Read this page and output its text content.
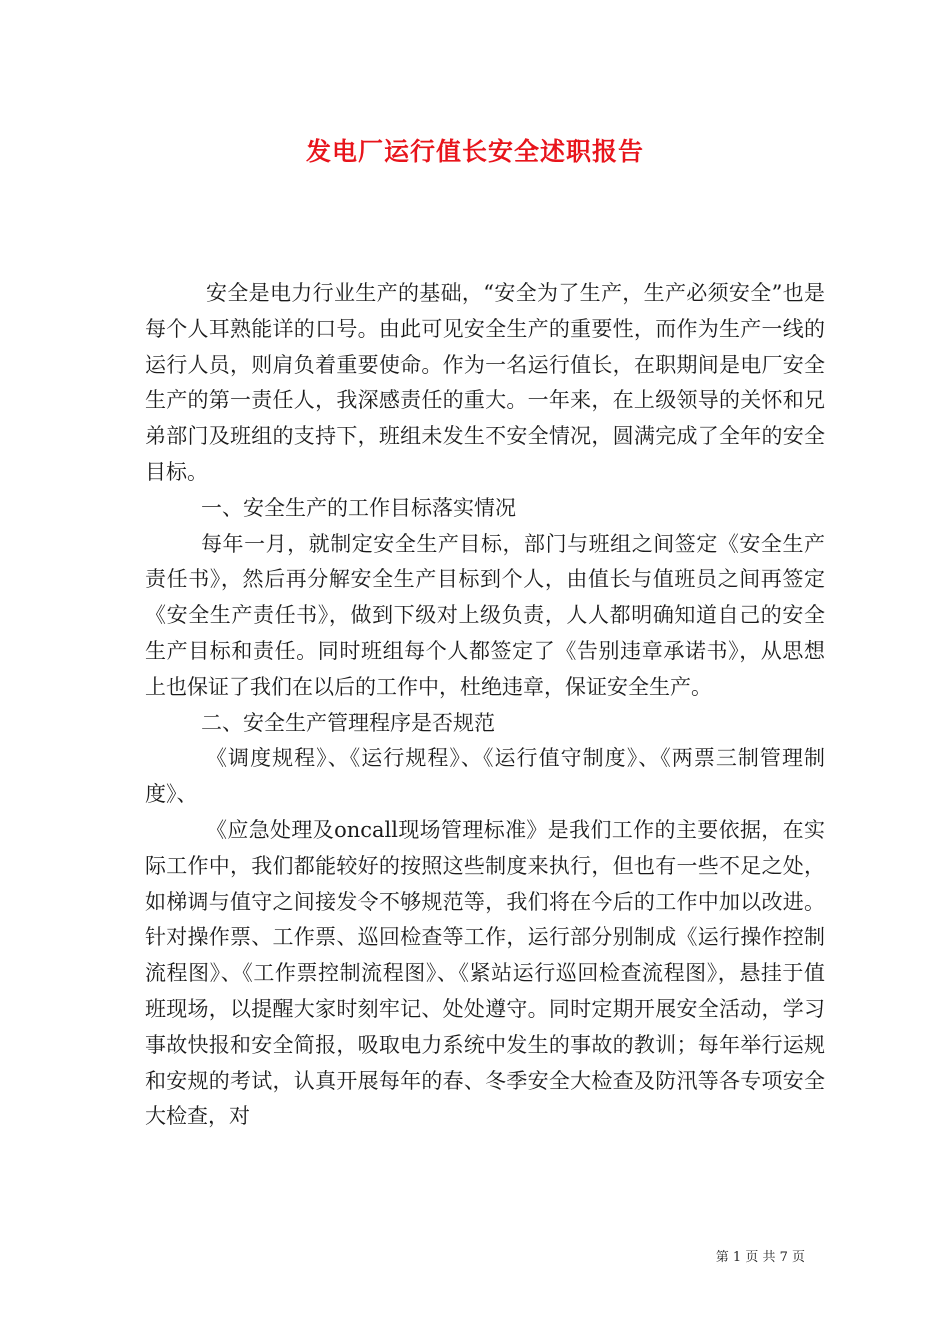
发电厂运行值长安全述职报告

安全是电力行业生产的基础，“安全为了生产，生产必须安全”也是每个人耳熟能详的口号。由此可见安全生产的重要性，而作为生产一线的运行人员，则肩负着重要使命。作为一名运行值长，在职期间是电厂安全生产的第一责任人，我深感责任的重大。一年来，在上级领导的关怀和兄弟部门及班组的支持下，班组未发生不安全情况，圆满完成了全年的安全目标。

一、安全生产的工作目标落实情况

每年一月，就制定安全生产目标，部门与班组之间签定《安全生产责任书》，然后再分解安全生产目标到个人，由值长与值班员之间再签定《安全生产责任书》，做到下级对上级负责，人人都明确知道自己的安全生产目标和责任。同时班组每个人都签定了《告别违章承诺书》，从思想上也保证了我们在以后的工作中，杜绝违章，保证安全生产。

二、安全生产管理程序是否规范

《调度规程》、《运行规程》、《运行值守制度》、《两票三制管理制度》、

《应急处理及oncall现场管理标准》是我们工作的主要依据，在实际工作中，我们都能较好的按照这些制度来执行，但也有一些不足之处，如梯调与值守之间接发令不够规范等，我们将在今后的工作中加以改进。针对操作票、工作票、巡回检查等工作，运行部分别制成《运行操作控制流程图》、《工作票控制流程图》、《紧站运行巡回检查流程图》，悬挂于值班现场，以提醒大家时刻牢记、处处遵守。同时定期开展安全活动，学习事故快报和安全简报，吸取电力系统中发生的事故的教训；每年举行运规和安规的考试，认真开展每年的春、冬季安全大检查及防汛等各专项安全大检查，对

第 1 页 共 7 页
